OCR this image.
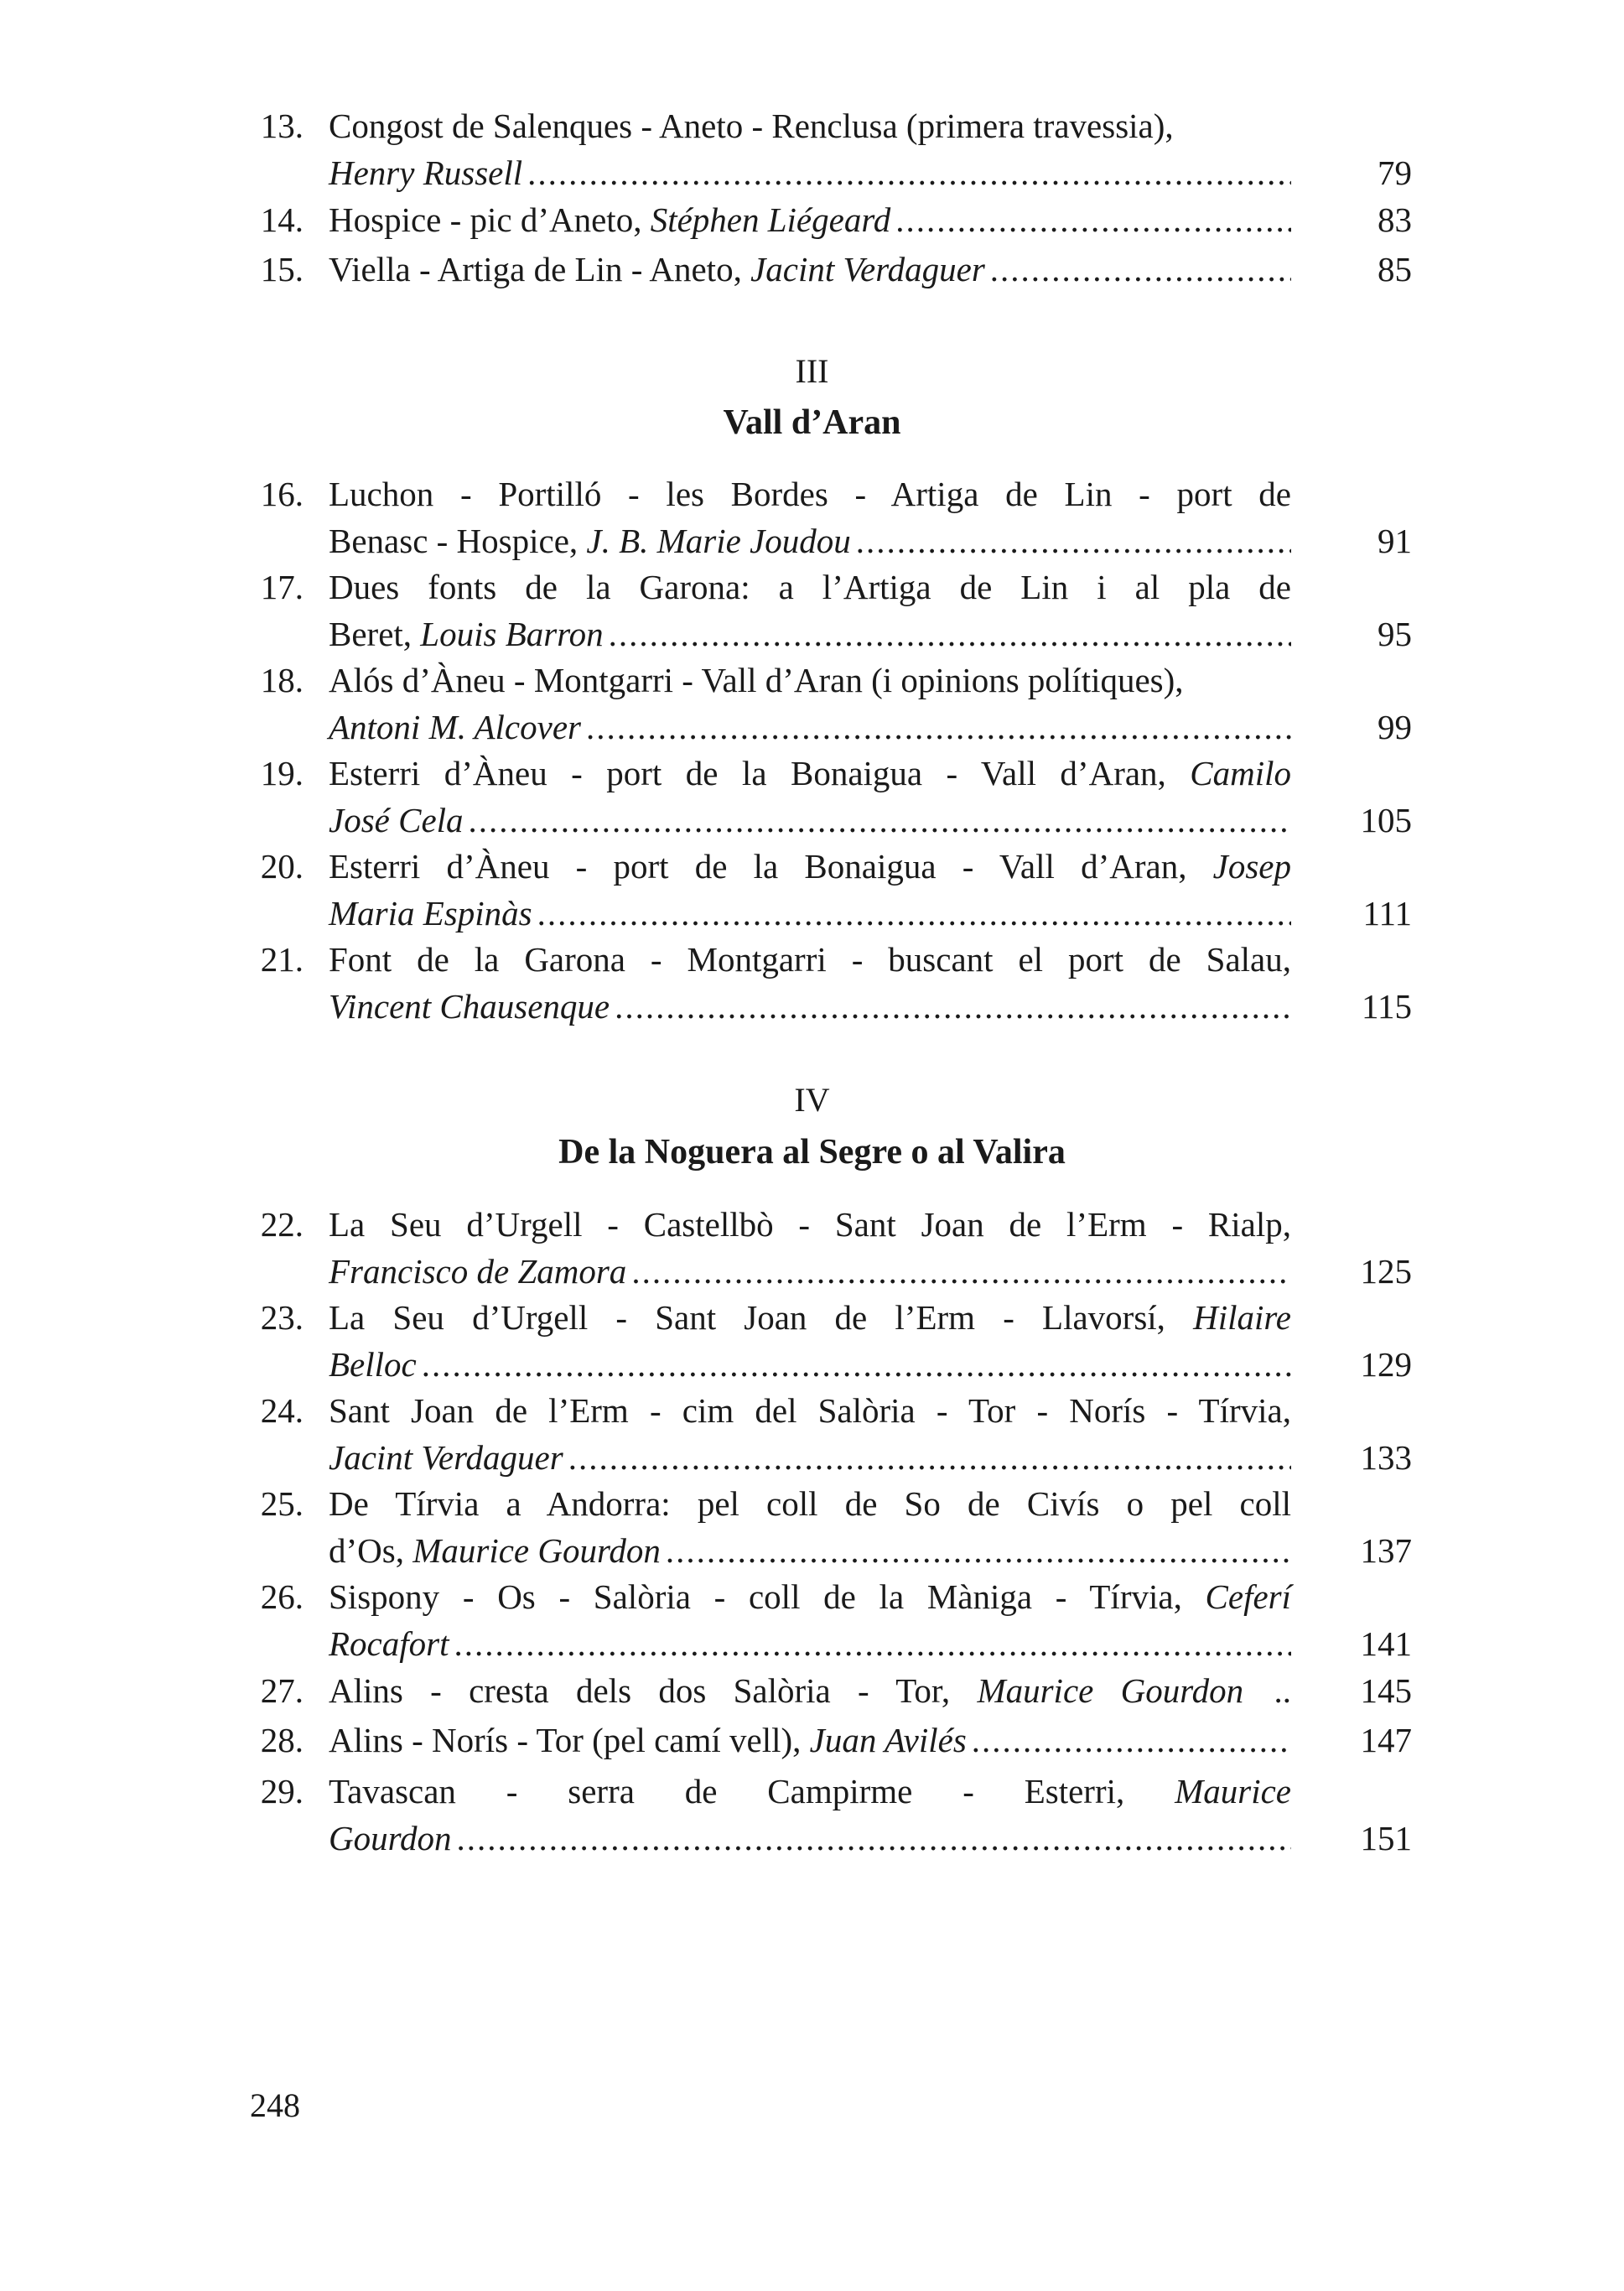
13. Congost de Salenques - Aneto - Renclusa (primera travessia),
Henry Russell .....	79
14. Hospice - pic d’Aneto,
Stéphen Liégeard .....	83
15. Viella - Artiga de Lin - Aneto,
Jacint Verdaguer .....	85
III
Vall d’Aran
16. Luchon - Portilló - les Bordes - Artiga de Lin - port de
Benasc - Hospice,
J. B. Marie Joudou .....	91
17. Dues fonts de la Garona: a l’Artiga de Lin i al pla de
Beret,
Louis Barron .....	95
18. Alós d’Àneu - Montgarri - Vall d’Aran (i opinions polítiques),
Antoni M. Alcover .....	99
19. Esterri d’Àneu - port de la Bonaigua - Vall d’Aran, Camilo
José Cela .....	105
20. Esterri d’Àneu - port de la Bonaigua - Vall d’Aran, Josep
Maria Espinàs .....	111
21. Font de la Garona - Montgarri - buscant el port de Salau,
Vincent Chausenque .....	115
IV
De la Noguera al Segre o al Valira
22. La Seu d’Urgell - Castellbò - Sant Joan de l’Erm - Rialp,
Francisco de Zamora .....	125
23. La Seu d’Urgell - Sant Joan de l’Erm - Llavorsí, Hilaire
Belloc .....	129
24. Sant Joan de l’Erm - cim del Salòria - Tor - Norís - Tírvia,
Jacint Verdaguer .....	133
25. De Tírvia a Andorra: pel coll de So de Civís o pel coll
d’Os,
Maurice Gourdon .....	137
26. Sispony - Os - Salòria - coll de la Màniga - Tírvia, Ceferí
Rocafort .....	141
27. Alins - cresta dels dos Salòria - Tor, Maurice Gourdon ..	145
28. Alins - Norís - Tor (pel camí vell),
Juan Avilés .....	147
29. Tavascan - serra de Campirme - Esterri, Maurice
Gourdon .....	151
248
